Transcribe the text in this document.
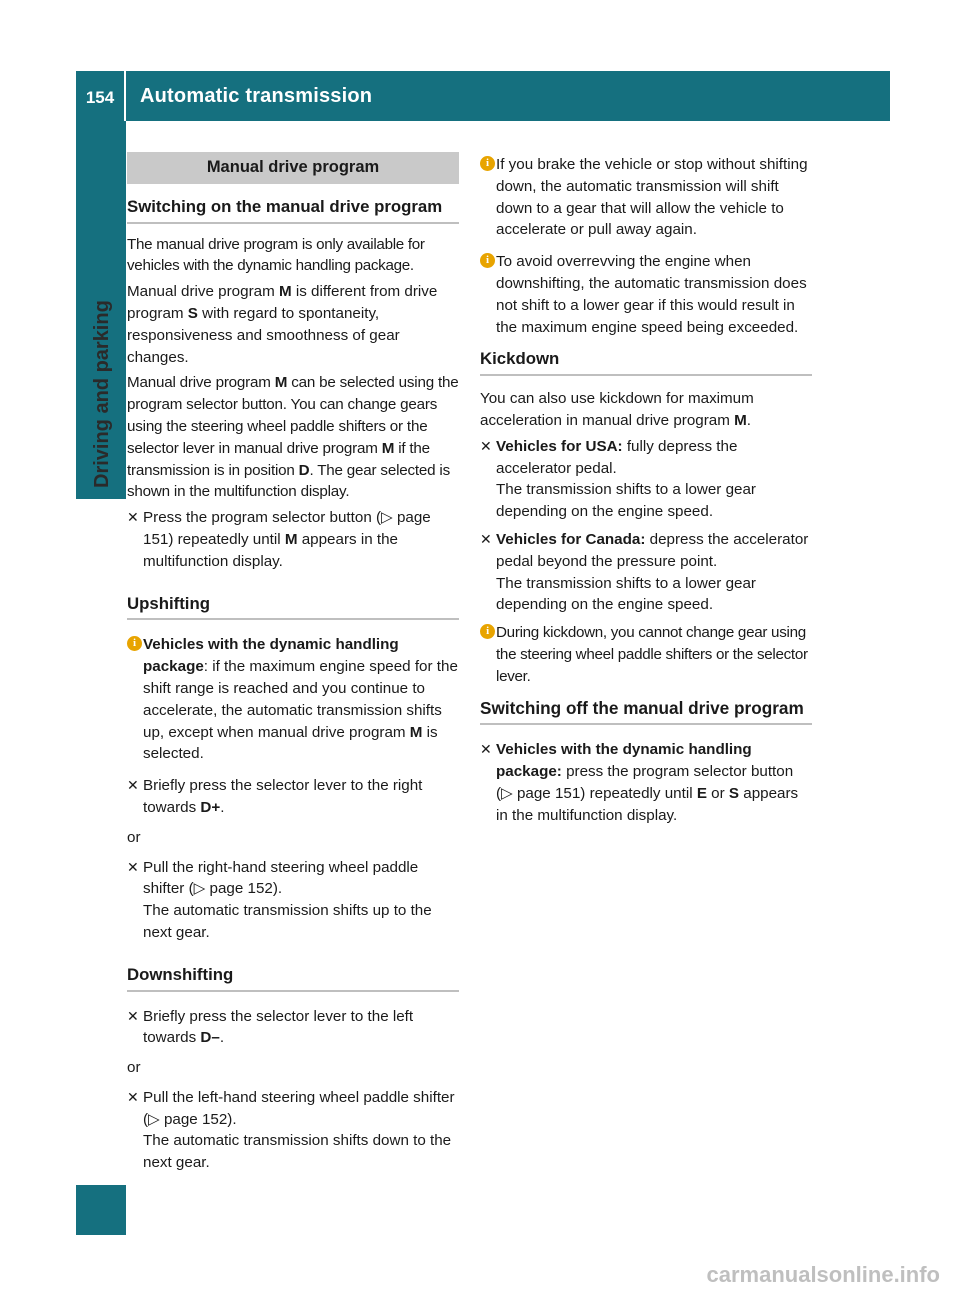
154	Automatic transmission
Driving and parking
Manual drive program
Switching on the manual drive program

The manual drive program is only available for vehicles with the dynamic handling package.

Manual drive program M is different from drive program S with regard to spontaneity, responsiveness and smoothness of gear changes.

Manual drive program M can be selected using the program selector button. You can change gears using the steering wheel paddle shifters or the selector lever in manual drive program M if the transmission is in position D. The gear selected is shown in the multifunction display.

✕ Press the program selector button (▷ page 151) repeatedly until M appears in the multifunction display.
Upshifting
i Vehicles with the dynamic handling package: if the maximum engine speed for the shift range is reached and you continue to accelerate, the automatic transmission shifts up, except when manual drive program M is selected.
✕ Briefly press the selector lever to the right towards D+.
or
✕ Pull the right-hand steering wheel paddle shifter (▷ page 152).
The automatic transmission shifts up to the next gear.
Downshifting
✕ Briefly press the selector lever to the left towards D–.
or
✕ Pull the left-hand steering wheel paddle shifter (▷ page 152).
The automatic transmission shifts down to the next gear.
i If you brake the vehicle or stop without shifting down, the automatic transmission will shift down to a gear that will allow the vehicle to accelerate or pull away again.
i To avoid overrevving the engine when downshifting, the automatic transmission does not shift to a lower gear if this would result in the maximum engine speed being exceeded.
Kickdown

You can also use kickdown for maximum acceleration in manual drive program M.

✕ Vehicles for USA: fully depress the accelerator pedal.
The transmission shifts to a lower gear depending on the engine speed.
✕ Vehicles for Canada: depress the accelerator pedal beyond the pressure point.
The transmission shifts to a lower gear depending on the engine speed.
i During kickdown, you cannot change gear using the steering wheel paddle shifters or the selector lever.
Switching off the manual drive program
✕ Vehicles with the dynamic handling package: press the program selector button (▷ page 151) repeatedly until E or S appears in the multifunction display.
carmanualsonline.info
